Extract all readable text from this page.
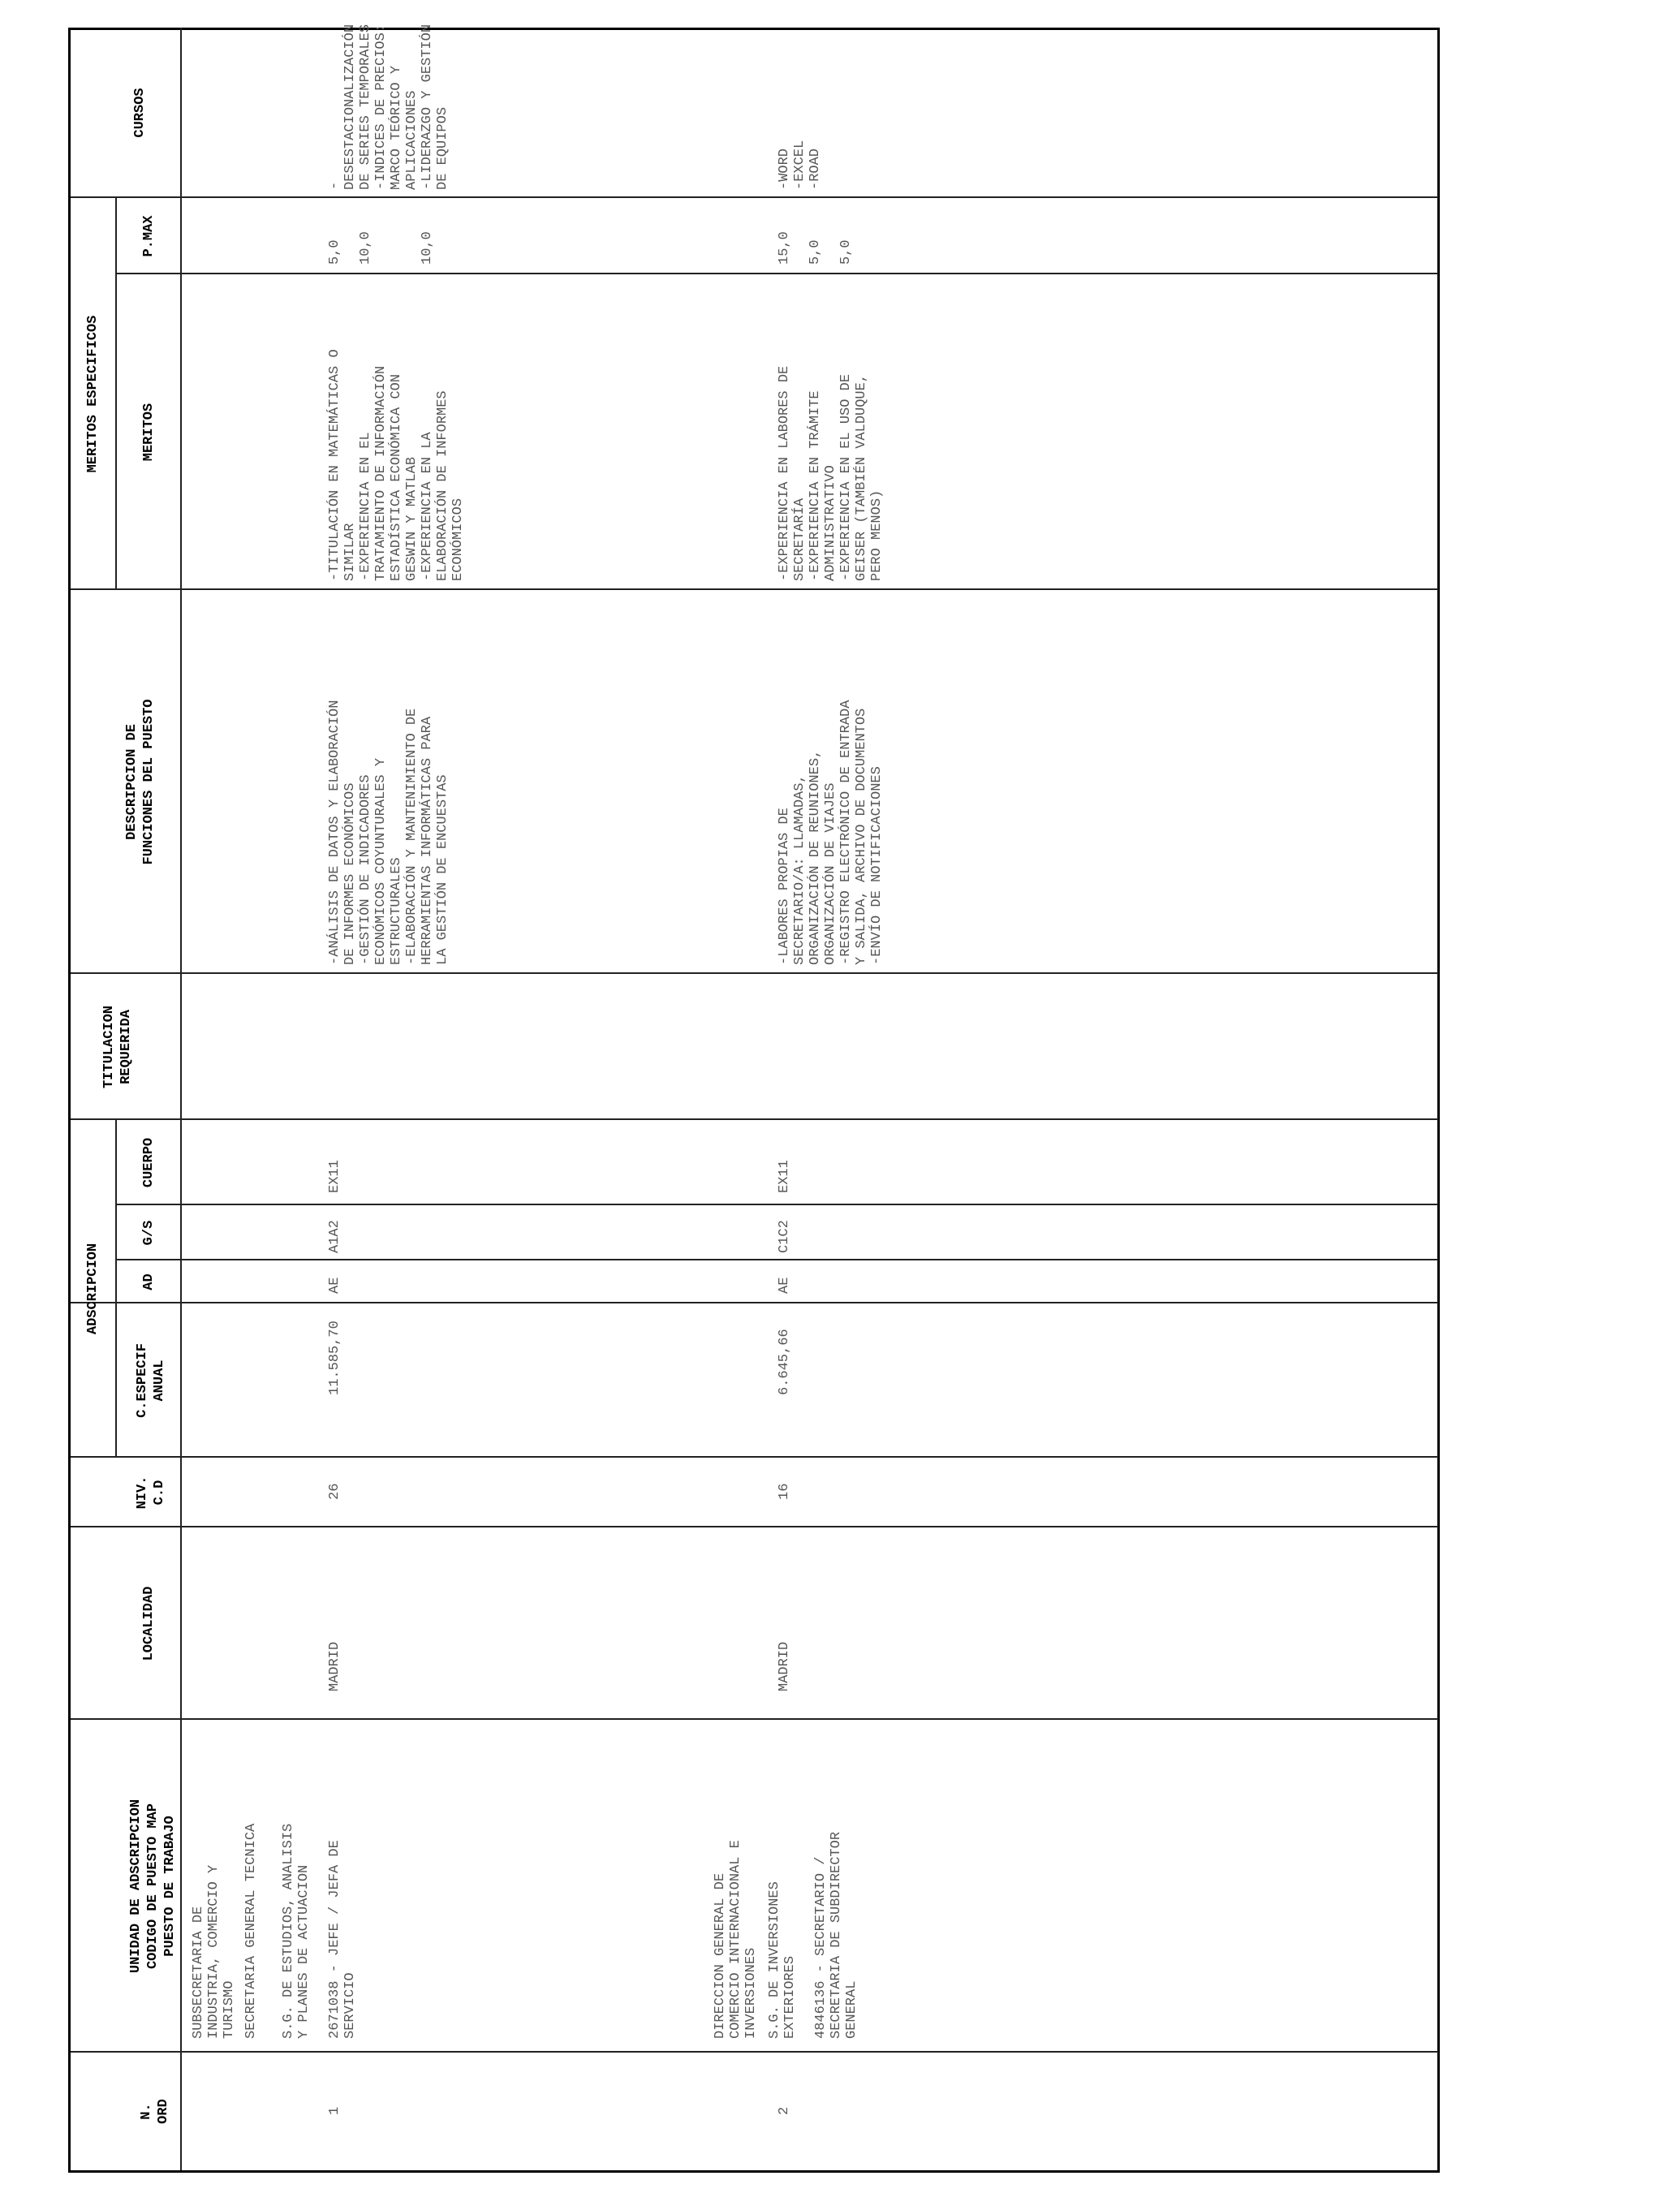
N.
ORD
UNIDAD DE ADSCRIPCION
CODIGO DE PUESTO MAP
PUESTO DE TRABAJO
LOCALIDAD
NIV.
C.D
C.ESPECIF
ANUAL
ADSCRIPCION	AD
G/S
CUERPO
TITULACION
REQUERIDA
DESCRIPCION DE
FUNCIONES DEL PUESTO
MERITOS ESPECIFICOS	MERITOS
P.MAX
CURSOS
SUBSECRETARIA DE
INDUSTRIA, COMERCIO Y
TURISMO SECRETARIA GENERAL TECNICA S.G. DE ESTUDIOS, ANALISIS
Y PLANES DE ACTUACION
DIRECCION GENERAL DE
COMERCIO INTERNACIONAL E
INVERSIONES S.G. DE INVERSIONES
EXTERIORES
1
2671038 - JEFE / JEFA DE
SERVICIO
MADRID
26
11.585,70
AE
A1A2
EX11
-ANÁLISIS DE DATOS Y ELABORACIÓN
DE INFORMES ECONÓMICOS
-GESTIÓN DE INDICADORES
ECONÓMICOS COYUNTURALES Y
ESTRUCTURALES
-ELABORACIÓN Y MANTENIMIENTO DE
HERRAMIENTAS INFORMÁTICAS PARA
LA GESTIÓN DE ENCUESTAS
-TITULACIÓN EN MATEMÁTICAS O
SIMILAR
-EXPERIENCIA EN EL
TRATAMIENTO DE INFORMACIÓN
ESTADÍSTICA ECONÓMICA CON
GESWIN Y MATLAB
-EXPERIENCIA EN LA
ELABORACIÓN DE INFORMES
ECONÓMICOS
5,0

10,0

10,0
-
DESESTACIONALIZACIÓN
DE SERIES TEMPORALES
-INDICES DE PRECIOS:
MARCO TEÓRICO Y
APLICACIONES
-LIDERAZGO Y GESTIÓN
DE EQUIPOS
2
4846136 - SECRETARIO /
SECRETARIA DE SUBDIRECTOR
GENERAL
MADRID
16
6.645,66
AE
C1C2
EX11
-LABORES PROPIAS DE
SECRETARIO/A: LLAMADAS,
ORGANIZACIÓN DE REUNIONES,
ORGANIZACIÓN DE VIAJES
-REGISTRO ELECTRÓNICO DE ENTRADA
Y SALIDA, ARCHIVO DE DOCUMENTOS
-ENVÍO DE NOTIFICACIONES
-EXPERIENCIA EN LABORES DE
SECRETARÍA
-EXPERIENCIA EN TRÁMITE
ADMINISTRATIVO
-EXPERIENCIA EN EL USO DE
GEISER (TAMBIÉN VALDUQUE,
PERO MENOS)
15,0

5,0

5,0
-WORD
-EXCEL
-ROAD
